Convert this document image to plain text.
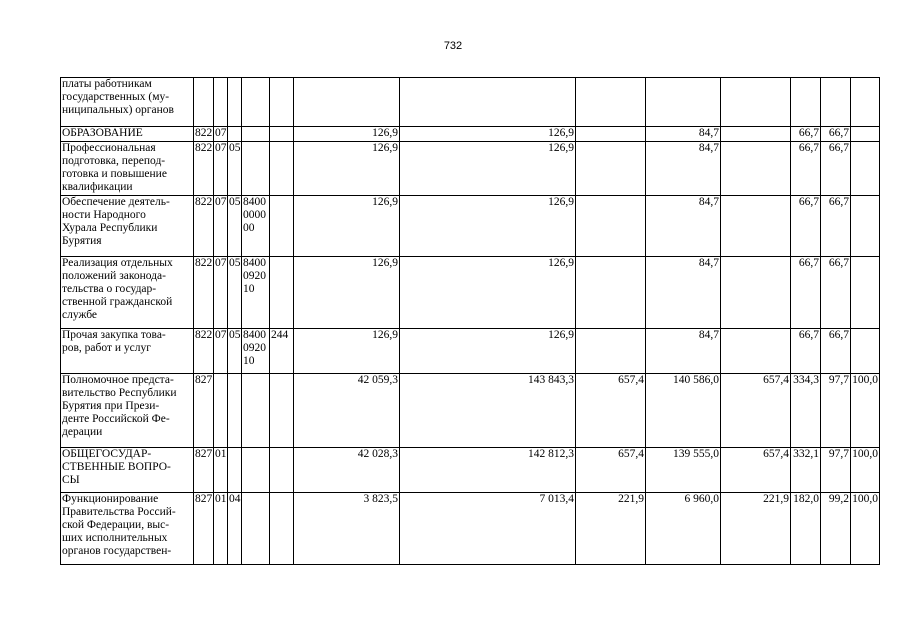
732
платы работникам
государственных (му-
ниципальных) органов													
ОБРАЗОВАНИЕ	822	07				126,9	126,9		84,7		66,7	66,7	
Профессиональная
подготовка, перепод-
готовка и повышение
квалификации	822	07	05			126,9	126,9		84,7		66,7	66,7	
Обеспечение деятель-
ности Народного
Хурала Республики
Бурятия	822	07	05	8400
0000
00		126,9	126,9		84,7		66,7	66,7	
Реализация отдельных
положений законода-
тельства о государ-
ственной гражданской
службе	822	07	05	8400
0920
10		126,9	126,9		84,7		66,7	66,7	
Прочая закупка това-
ров, работ и услуг	822	07	05	8400
0920
10	244	126,9	126,9		84,7		66,7	66,7	
Полномочное предста-
вительство Республики
Бурятия при Прези-
денте Российской Фе-
дерации	827					42 059,3	143 843,3	657,4	140 586,0	657,4	334,3	97,7	100,0
ОБЩЕГОСУДАР-
СТВЕННЫЕ ВОПРО-
СЫ	827	01				42 028,3	142 812,3	657,4	139 555,0	657,4	332,1	97,7	100,0
Функционирование
Правительства Россий-
ской Федерации, выс-
ших исполнительных
органов государствен-	827	01	04			3 823,5	7 013,4	221,9	6 960,0	221,9	182,0	99,2	100,0
